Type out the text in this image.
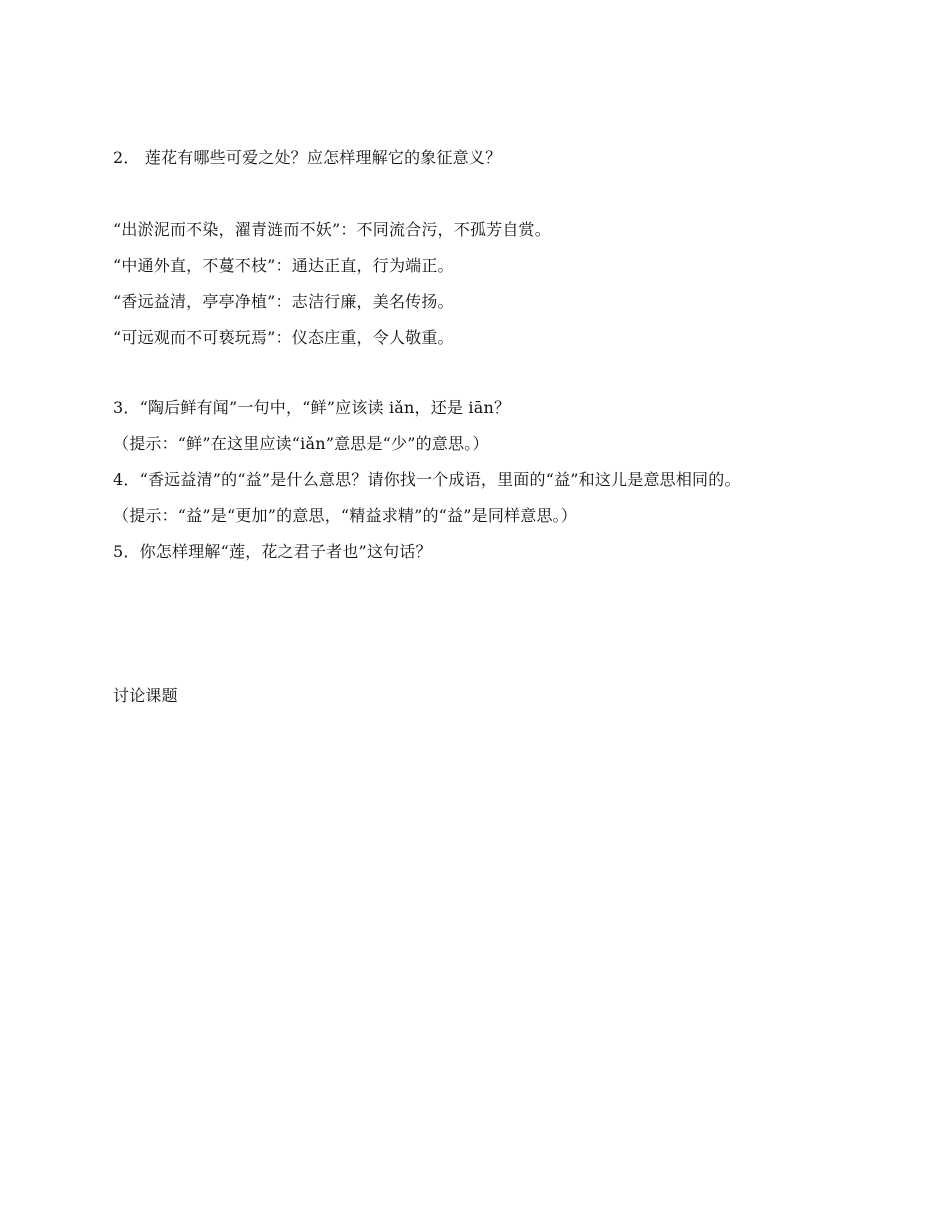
2． 莲花有哪些可爱之处？应怎样理解它的象征意义？
“出淤泥而不染，濯青涟而不妖”：不同流合污，不孤芳自赏。
“中通外直，不蔓不枝”：通达正直，行为端正。
“香远益清，亭亭净植”：志洁行廉，美名传扬。
“可远观而不可亵玩焉”：仪态庄重，令人敬重。
3．“陶后鲜有闻”一句中，“鲜”应该读 iǎn，还是 iān？
（提示：“鲜”在这里应读“iǎn”意思是“少”的意思。）
4．“香远益清”的“益”是什么意思？请你找一个成语，里面的“益”和这儿是意思相同的。
（提示：“益”是“更加”的意思，“精益求精”的“益”是同样意思。）
5．你怎样理解“莲，花之君子者也”这句话？
讨论课题
